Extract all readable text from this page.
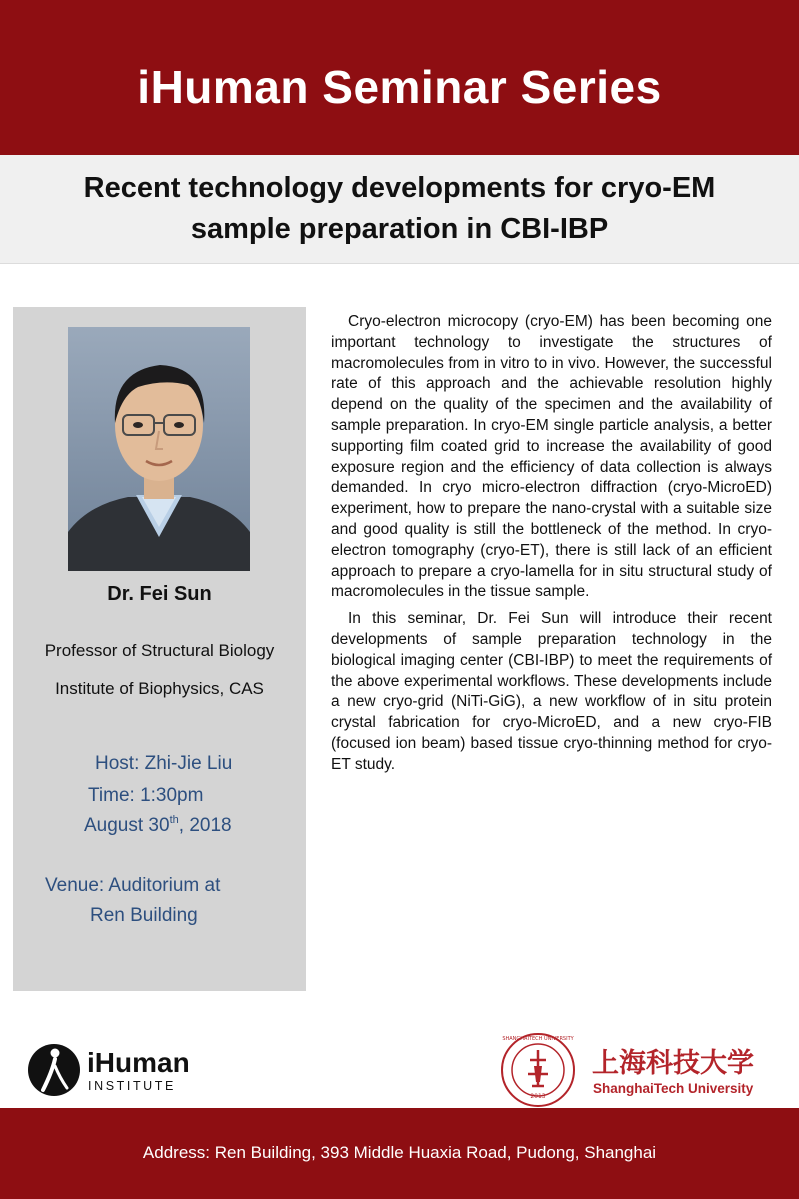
iHuman Seminar Series
Recent technology developments for cryo-EM
sample preparation in CBI-IBP
Dr. Fei Sun
Professor of Structural Biology
Institute of Biophysics, CAS
Host: Zhi-Jie Liu
Time: 1:30pm
August 30th, 2018
Venue: Auditorium at
Ren Building

Cryo-electron microcopy (cryo-EM) has been becoming one important technology to investigate the structures of macromolecules from in vitro to in vivo. However, the successful rate of this approach and the achievable resolution highly depend on the quality of the specimen and the availability of sample preparation. In cryo-EM single particle analysis, a better supporting film coated grid to increase the availability of good exposure region and the efficiency of data collection is always demanded. In cryo micro-electron diffraction (cryo-MicroED) experiment, how to prepare the nano-crystal with a suitable size and good quality is still the bottleneck of the method. In cryo-electron tomography (cryo-ET), there is still lack of an efficient approach to prepare a cryo-lamella for in situ structural study of macromolecules in the tissue sample.

In this seminar, Dr. Fei Sun will introduce their recent developments of sample preparation technology in the biological imaging center (CBI-IBP) to meet the requirements of the above experimental workflows. These developments include a new cryo-grid (NiTi-GiG), a new workflow of in situ protein crystal fabrication for cryo-MicroED, and a new cryo-FIB (focused ion beam) based tissue cryo-thinning method for cryo-ET study.

iHuman
INSTITUTE
2013
SHANGHAITECH UNIVERSITY
上海科技大学
ShanghaiTech University
Address: Ren Building, 393 Middle Huaxia Road, Pudong, Shanghai
